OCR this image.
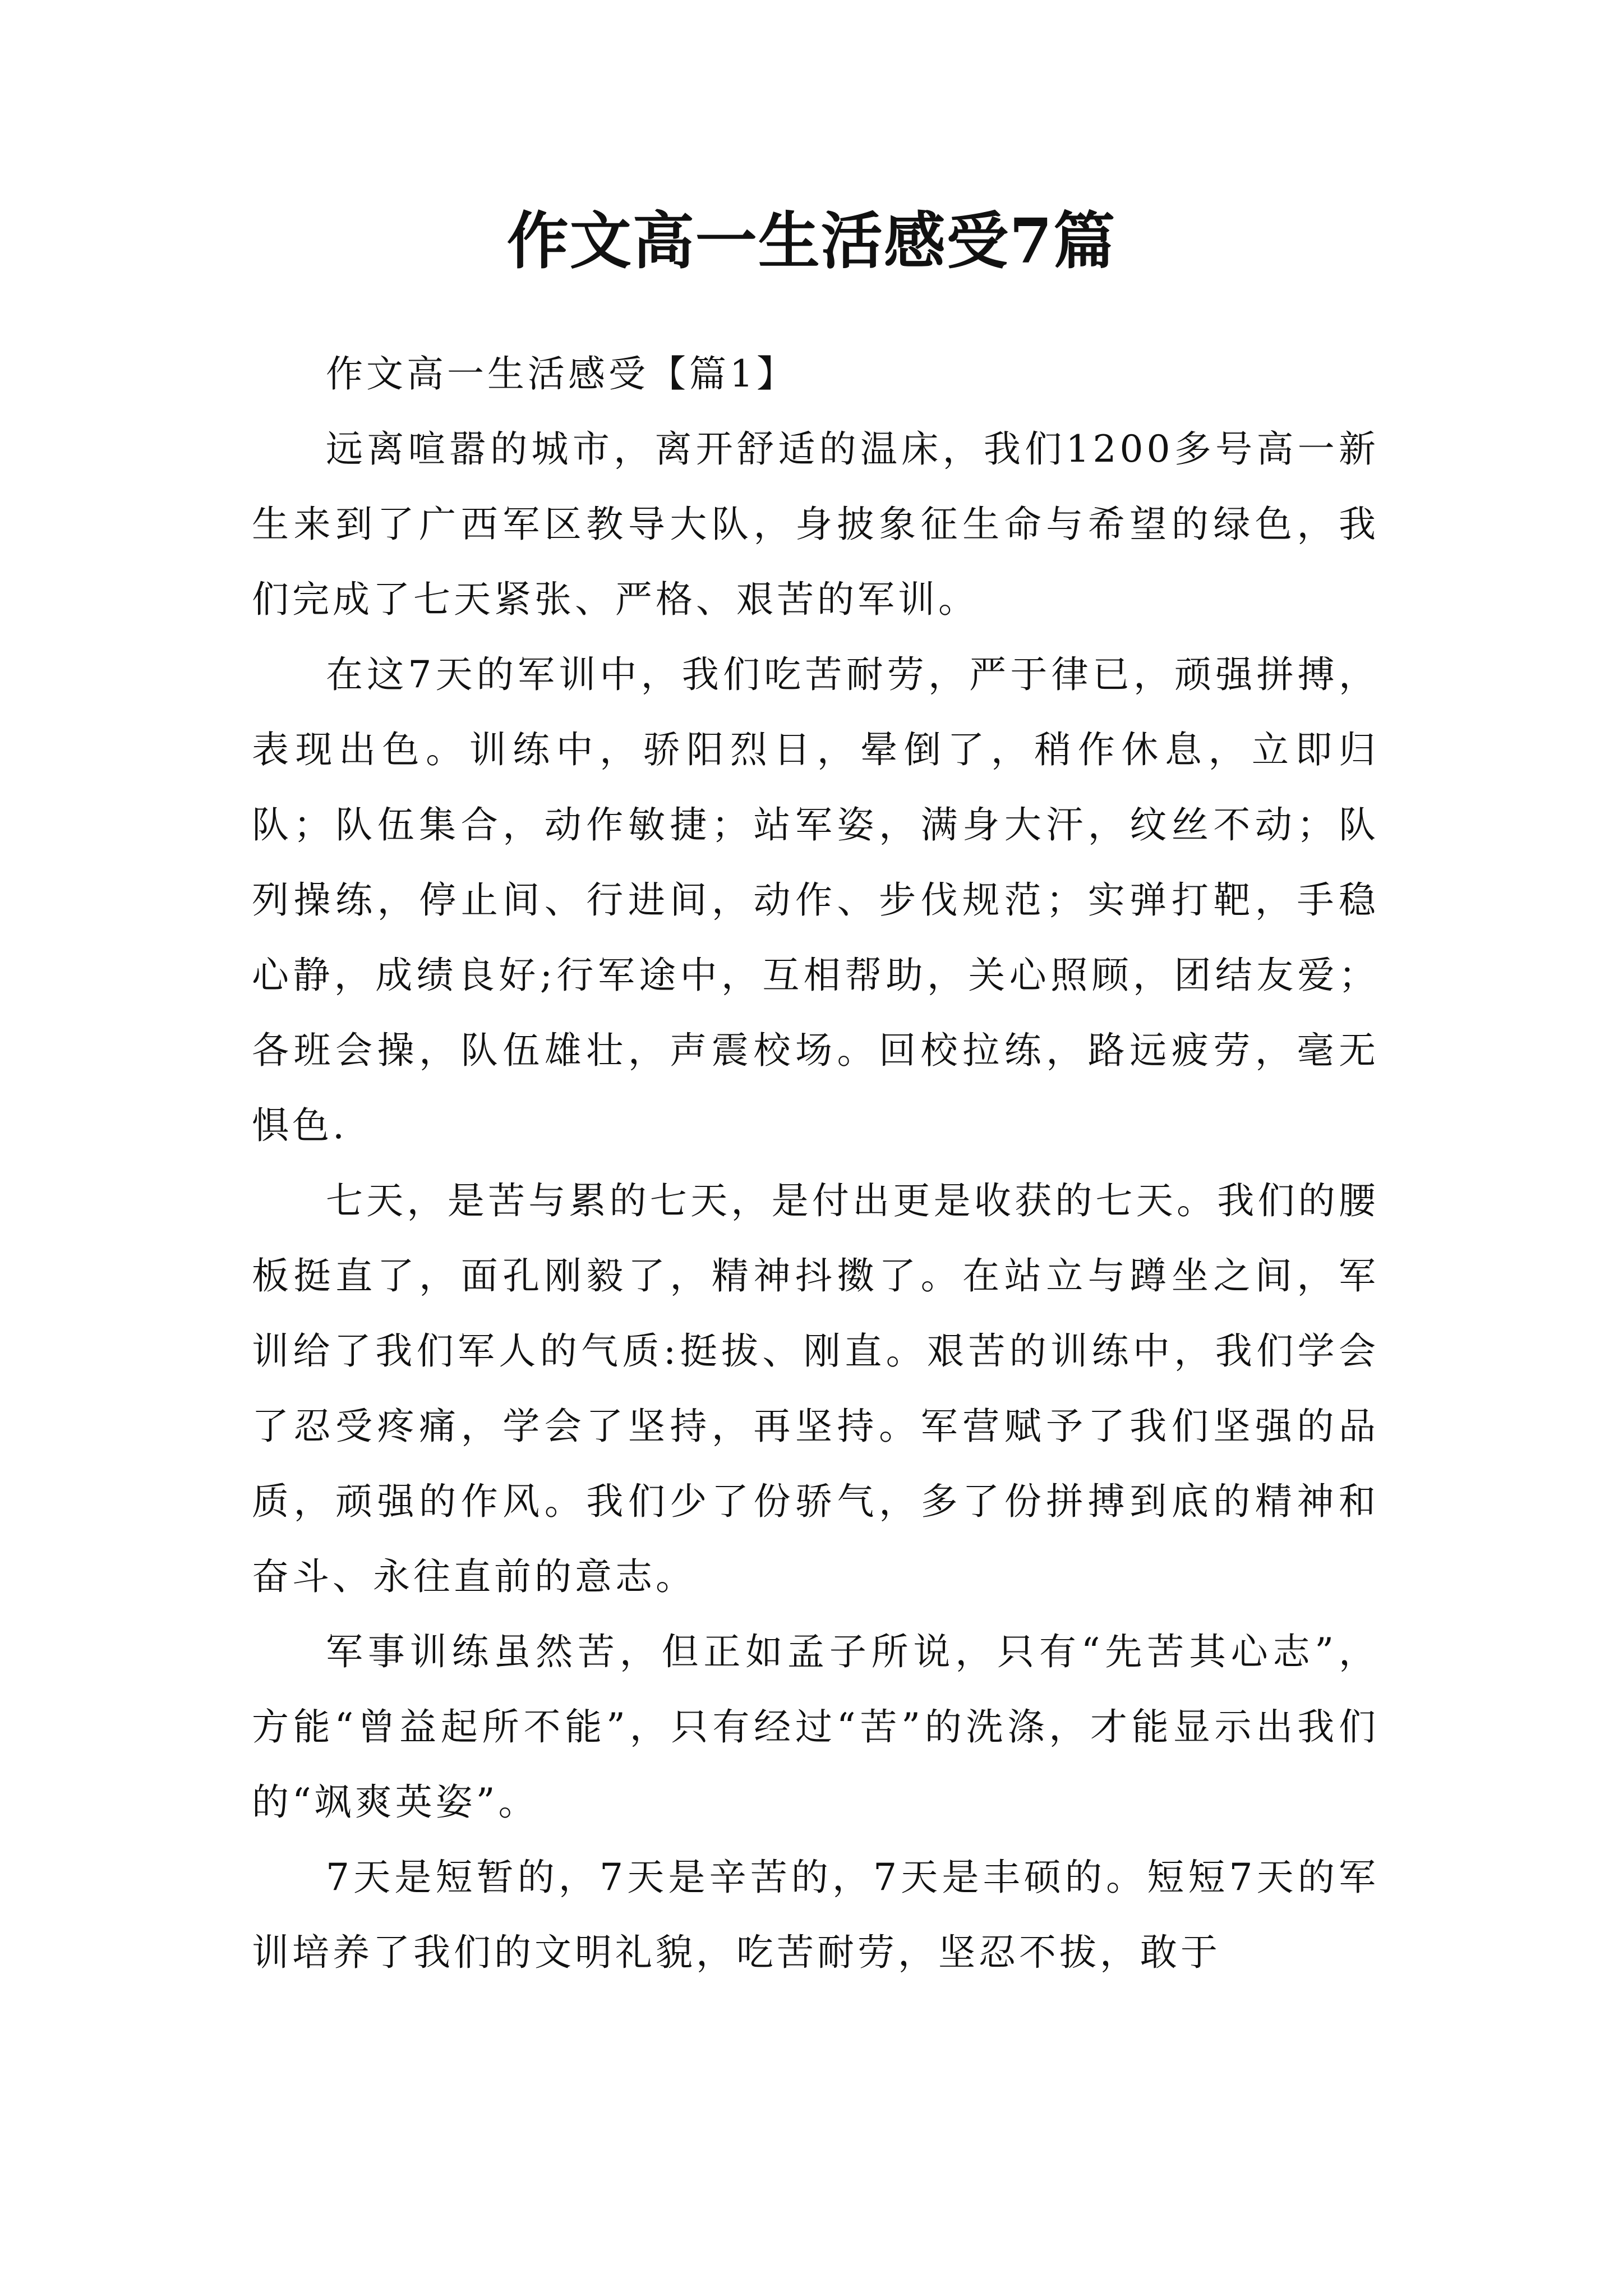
作文高一生活感受7篇

作文高一生活感受【篇1】

远离喧嚣的城市，离开舒适的温床，我们1200多号高一新生来到了广西军区教导大队，身披象征生命与希望的绿色，我们完成了七天紧张、严格、艰苦的军训。

在这7天的军训中，我们吃苦耐劳，严于律已，顽强拼搏，表现出色。训练中，骄阳烈日，晕倒了，稍作休息，立即归队；队伍集合，动作敏捷；站军姿，满身大汗，纹丝不动；队列操练，停止间、行进间，动作、步伐规范；实弹打靶，手稳心静，成绩良好;行军途中，互相帮助，关心照顾，团结友爱；各班会操，队伍雄壮，声震校场。回校拉练，路远疲劳，毫无惧色.

七天，是苦与累的七天，是付出更是收获的七天。我们的腰板挺直了，面孔刚毅了，精神抖擞了。在站立与蹲坐之间，军训给了我们军人的气质:挺拔、刚直。艰苦的训练中，我们学会了忍受疼痛，学会了坚持，再坚持。军营赋予了我们坚强的品质，顽强的作风。我们少了份骄气，多了份拼搏到底的精神和奋斗、永往直前的意志。

军事训练虽然苦，但正如孟子所说，只有“先苦其心志”，方能“曾益起所不能”，只有经过“苦”的洗涤，才能显示出我们的“飒爽英姿”。

7天是短暂的，7天是辛苦的，7天是丰硕的。短短7天的军训培养了我们的文明礼貌，吃苦耐劳，坚忍不拔，敢于
